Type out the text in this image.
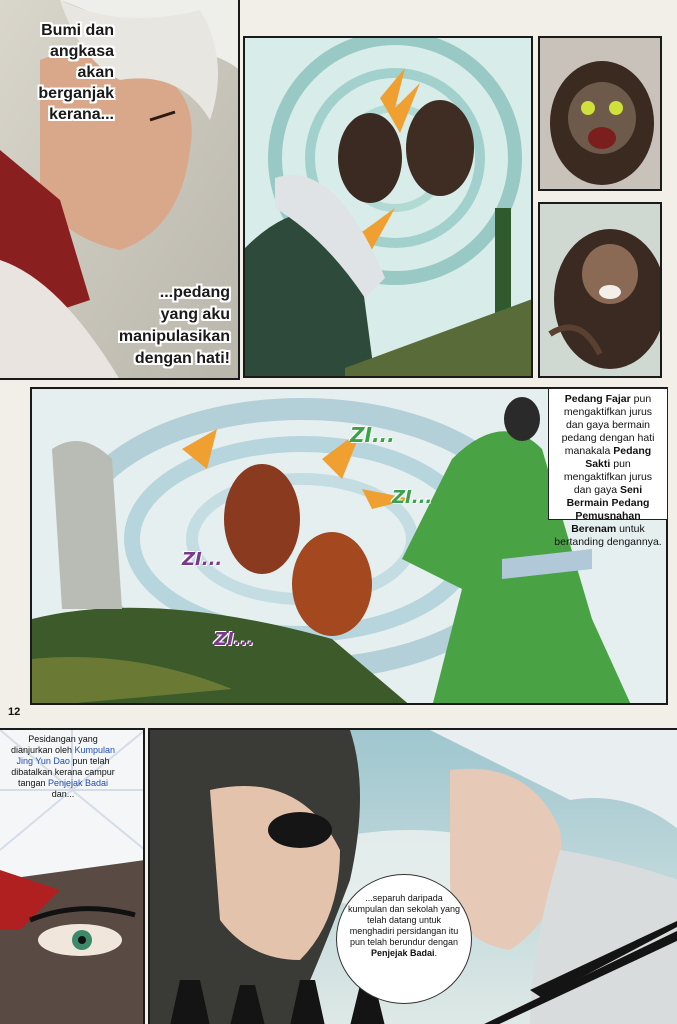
Bumi dan
angkasa
akan
berganjak
kerana...
...pedang
yang aku
manipulasikan
dengan hati!
ZI...
ZI...
ZI...
ZI...
Pedang Fajar pun mengaktifkan jurus dan gaya bermain pedang dengan hati manakala Pedang Sakti pun mengaktifkan jurus dan gaya Seni Bermain Pedang Pemusnahan Berenam untuk bertanding dengannya.
12
Pesidangan yang dianjurkan oleh Kumpulan Jing Yun Dao pun telah dibatalkan kerana campur tangan Penjejak Badai dan...
...separuh daripada kumpulan dan sekolah yang telah datang untuk menghadiri persidangan itu pun telah berundur dengan Penjejak Badai.
